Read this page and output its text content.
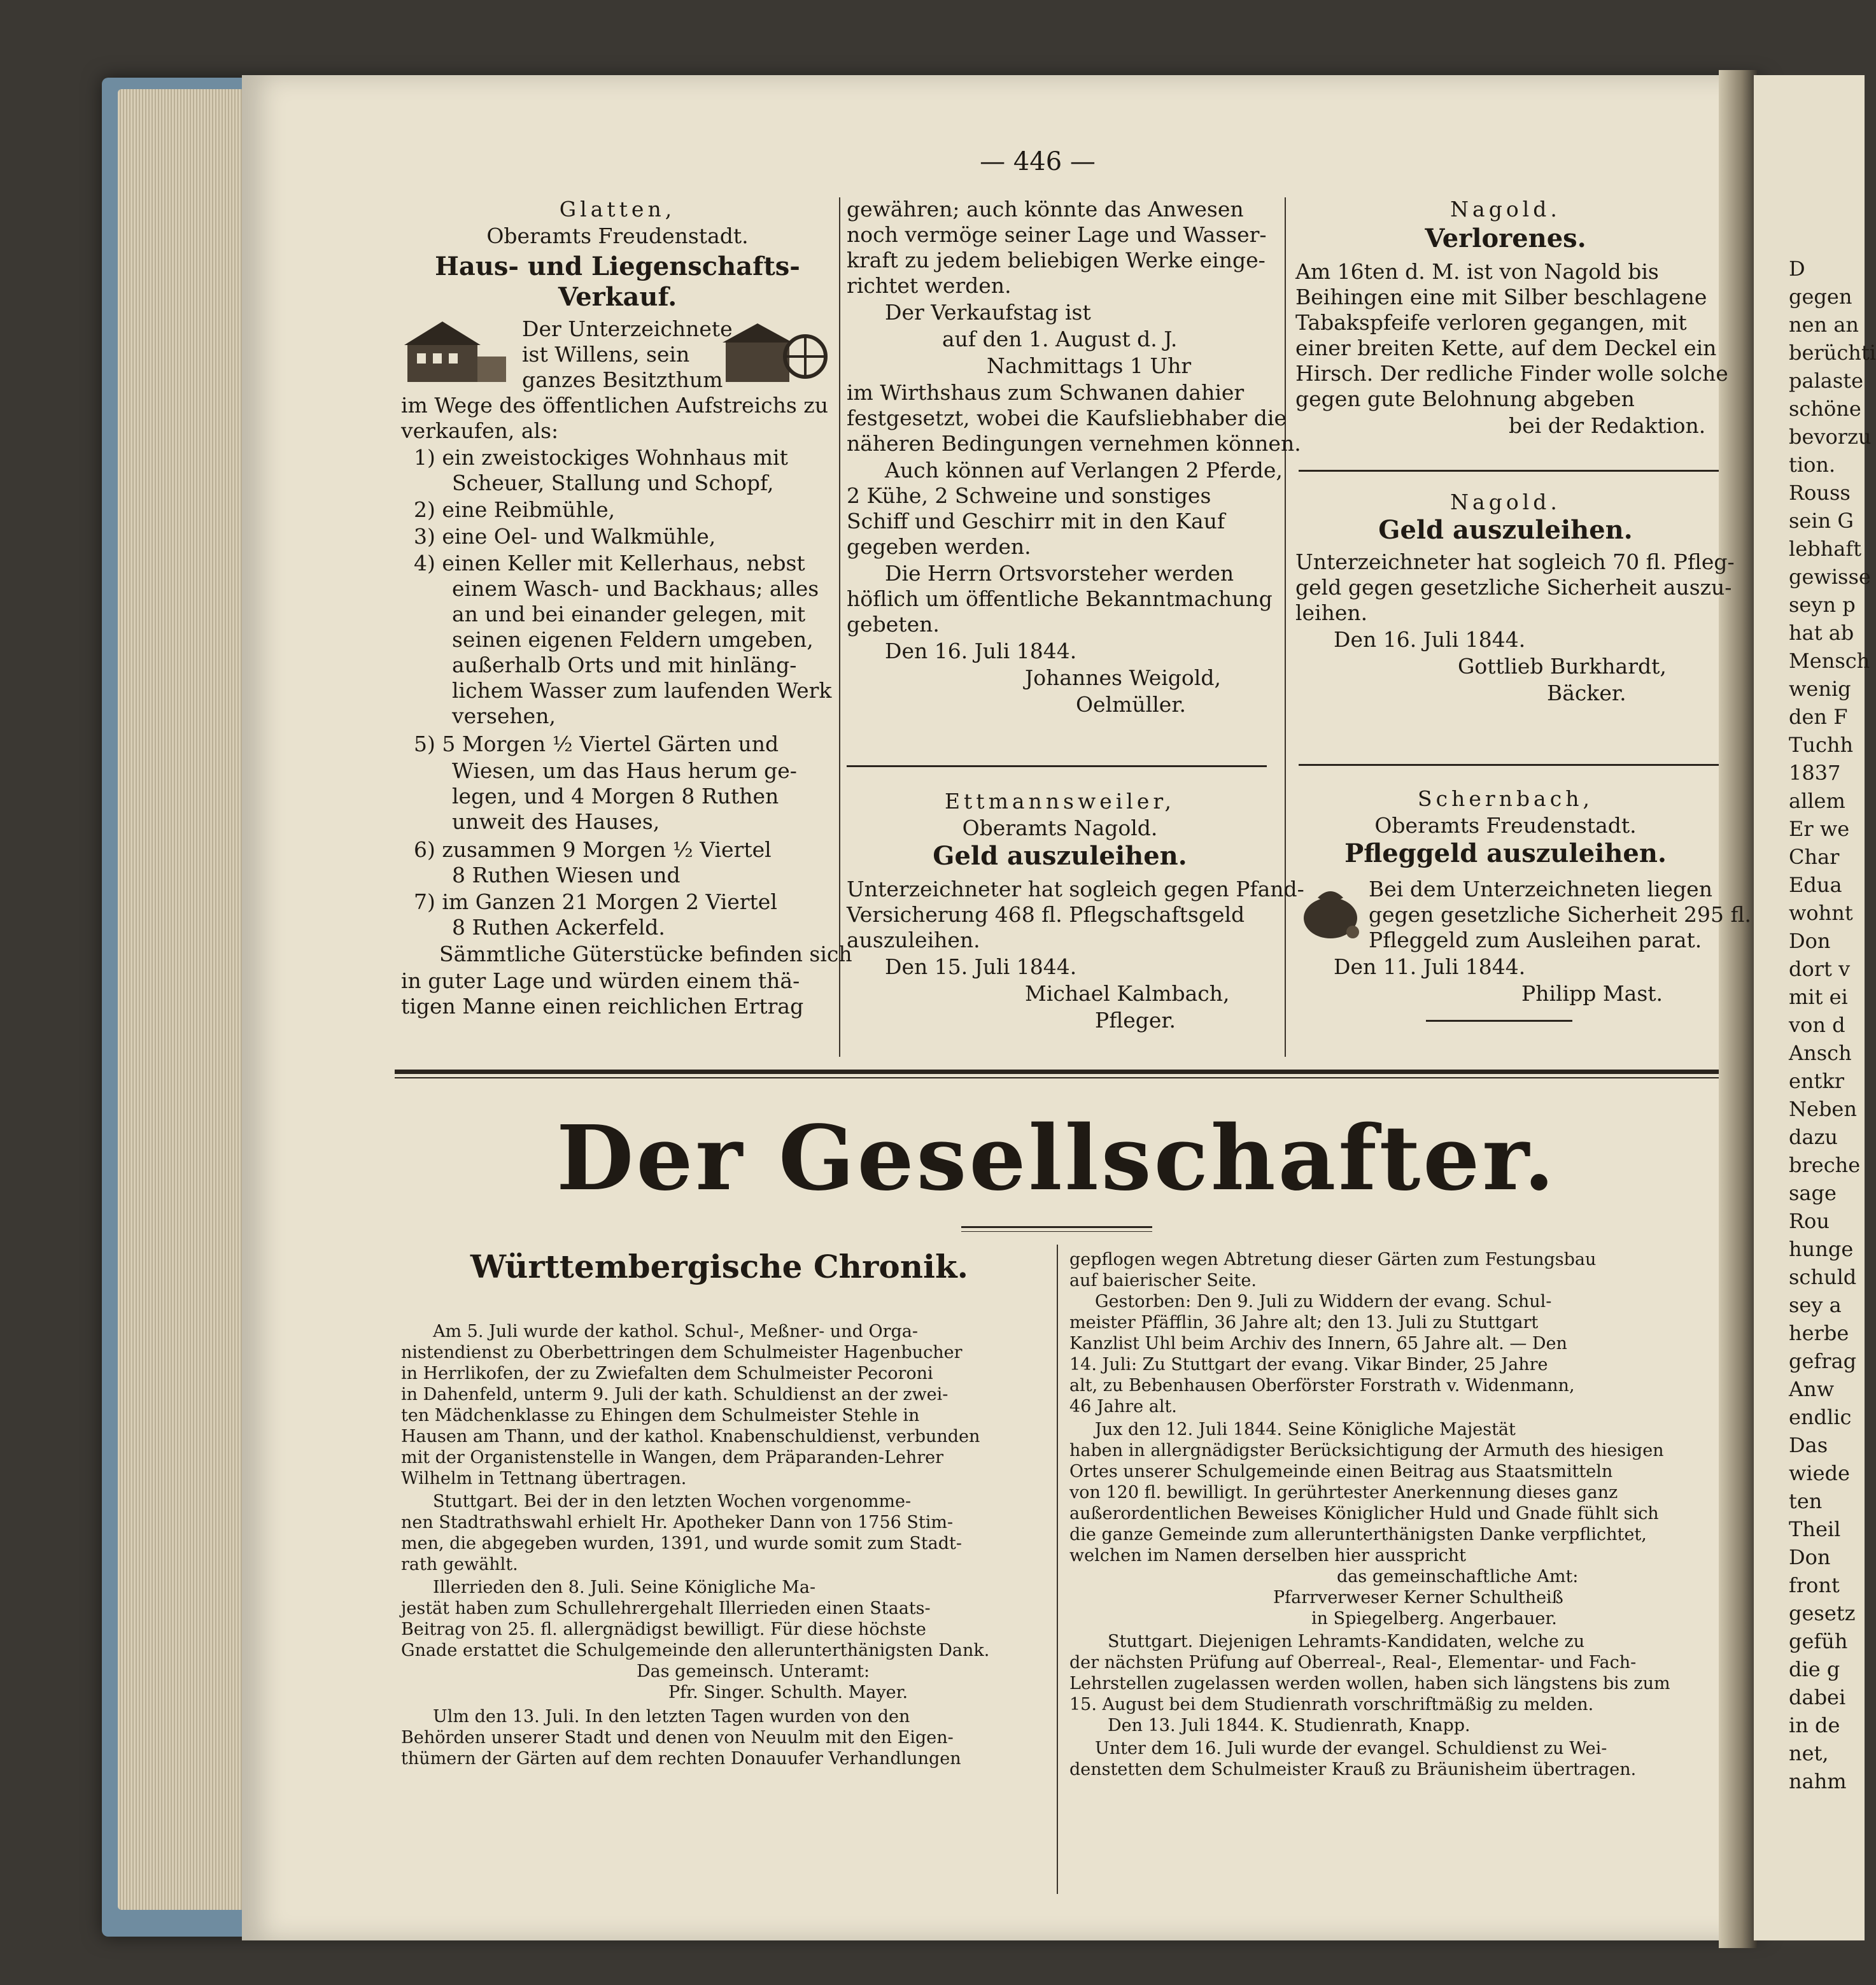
— 446 —
Glatten,
Oberamts Freudenstadt.
Haus- und Liegenschafts-
Verkauf.
Der Unterzeichnete
ist Willens, sein
ganzes Besitzthum
im Wege des öffentlichen Aufstreichs zu
verkaufen, als:
1) ein zweistockiges Wohnhaus mit
Scheuer, Stallung und Schopf,
2) eine Reibmühle,
3) eine Oel- und Walkmühle,
4) einen Keller mit Kellerhaus, nebst
einem Wasch- und Backhaus; alles
an und bei einander gelegen, mit
seinen eigenen Feldern umgeben,
außerhalb Orts und mit hinläng-
lichem Wasser zum laufenden Werk
versehen,
5) 5 Morgen ½ Viertel Gärten und
Wiesen, um das Haus herum ge-
legen, und 4 Morgen 8 Ruthen
unweit des Hauses,
6) zusammen 9 Morgen ½ Viertel
8 Ruthen Wiesen und
7) im Ganzen 21 Morgen 2 Viertel
8 Ruthen Ackerfeld.
Sämmtliche Güterstücke befinden sich
in guter Lage und würden einem thä-
tigen Manne einen reichlichen Ertrag
gewähren; auch könnte das Anwesen
noch vermöge seiner Lage und Wasser-
kraft zu jedem beliebigen Werke einge-
richtet werden.
Der Verkaufstag ist
auf den 1. August d. J.
Nachmittags 1 Uhr
im Wirthshaus zum Schwanen dahier
festgesetzt, wobei die Kaufsliebhaber die
näheren Bedingungen vernehmen können.
Auch können auf Verlangen 2 Pferde,
2 Kühe, 2 Schweine und sonstiges
Schiff und Geschirr mit in den Kauf
gegeben werden.
Die Herrn Ortsvorsteher werden
höflich um öffentliche Bekanntmachung
gebeten.
Den 16. Juli 1844.
Johannes Weigold,
Oelmüller.
Ettmannsweiler,
Oberamts Nagold.
Geld auszuleihen.
Unterzeichneter hat sogleich gegen Pfand-
Versicherung 468 fl. Pflegschaftsgeld
auszuleihen.
Den 15. Juli 1844.
Michael Kalmbach,
Pfleger.
Nagold.
Verlorenes.
Am 16ten d. M. ist von Nagold bis
Beihingen eine mit Silber beschlagene
Tabakspfeife verloren gegangen, mit
einer breiten Kette, auf dem Deckel ein
Hirsch. Der redliche Finder wolle solche
gegen gute Belohnung abgeben
bei der Redaktion.
Nagold.
Geld auszuleihen.
Unterzeichneter hat sogleich 70 fl. Pfleg-
geld gegen gesetzliche Sicherheit auszu-
leihen.
Den 16. Juli 1844.
Gottlieb Burkhardt,
Bäcker.
Schernbach,
Oberamts Freudenstadt.
Pfleggeld auszuleihen.
Bei dem Unterzeichneten liegen
gegen gesetzliche Sicherheit 295 fl.
Pfleggeld zum Ausleihen parat.
Den 11. Juli 1844.
Philipp Mast.
Der Gesellschafter.
Württembergische Chronik.
Am 5. Juli wurde der kathol. Schul-, Meßner- und Orga-
nistendienst zu Oberbettringen dem Schulmeister Hagenbucher
in Herrlikofen, der zu Zwiefalten dem Schulmeister Pecoroni
in Dahenfeld, unterm 9. Juli der kath. Schuldienst an der zwei-
ten Mädchenklasse zu Ehingen dem Schulmeister Stehle in
Hausen am Thann, und der kathol. Knabenschuldienst, verbunden
mit der Organistenstelle in Wangen, dem Präparanden-Lehrer
Wilhelm in Tettnang übertragen.
Stuttgart. Bei der in den letzten Wochen vorgenomme-
nen Stadtrathswahl erhielt Hr. Apotheker Dann von 1756 Stim-
men, die abgegeben wurden, 1391, und wurde somit zum Stadt-
rath gewählt.
Illerrieden den 8. Juli. Seine Königliche Ma-
jestät haben zum Schullehrergehalt Illerrieden einen Staats-
Beitrag von 25. fl. allergnädigst bewilligt. Für diese höchste
Gnade erstattet die Schulgemeinde den allerunterthänigsten Dank.
Das gemeinsch. Unteramt:
Pfr. Singer. Schulth. Mayer.
Ulm den 13. Juli. In den letzten Tagen wurden von den
Behörden unserer Stadt und denen von Neuulm mit den Eigen-
thümern der Gärten auf dem rechten Donauufer Verhandlungen
gepflogen wegen Abtretung dieser Gärten zum Festungsbau
auf baierischer Seite.
Gestorben: Den 9. Juli zu Widdern der evang. Schul-
meister Pfäfflin, 36 Jahre alt; den 13. Juli zu Stuttgart
Kanzlist Uhl beim Archiv des Innern, 65 Jahre alt. — Den
14. Juli: Zu Stuttgart der evang. Vikar Binder, 25 Jahre
alt, zu Bebenhausen Oberförster Forstrath v. Widenmann,
46 Jahre alt.
Jux den 12. Juli 1844. Seine Königliche Majestät
haben in allergnädigster Berücksichtigung der Armuth des hiesigen
Ortes unserer Schulgemeinde einen Beitrag aus Staatsmitteln
von 120 fl. bewilligt. In gerührtester Anerkennung dieses ganz
außerordentlichen Beweises Königlicher Huld und Gnade fühlt sich
die ganze Gemeinde zum allerunterthänigsten Danke verpflichtet,
welchen im Namen derselben hier ausspricht
das gemeinschaftliche Amt:
Pfarrverweser Kerner Schultheiß
in Spiegelberg. Angerbauer.
Stuttgart. Diejenigen Lehramts-Kandidaten, welche zu
der nächsten Prüfung auf Oberreal-, Real-, Elementar- und Fach-
Lehrstellen zugelassen werden wollen, haben sich längstens bis zum
15. August bei dem Studienrath vorschriftmäßig zu melden.
Den 13. Juli 1844. K. Studienrath, Knapp.
Unter dem 16. Juli wurde der evangel. Schuldienst zu Wei-
denstetten dem Schulmeister Krauß zu Bräunisheim übertragen.
D
gegen
nen an
berüchti
palaste
schöne
bevorzu
tion.
Rouss
sein G
lebhaft
gewisse
seyn p
hat ab
Mensch
wenig
den F
Tuchh
1837
allem
Er we
Char
Edua
wohnt
Don
dort v
mit ei
von d
Ansch
entkr
Neben
dazu
breche
sage
Rou
hunge
schuld
sey a
herbe
gefrag
Anw
endlic
Das
wiede
ten
Theil
Don
front
gesetz
gefüh
die g
dabei
in de
net,
nahm
